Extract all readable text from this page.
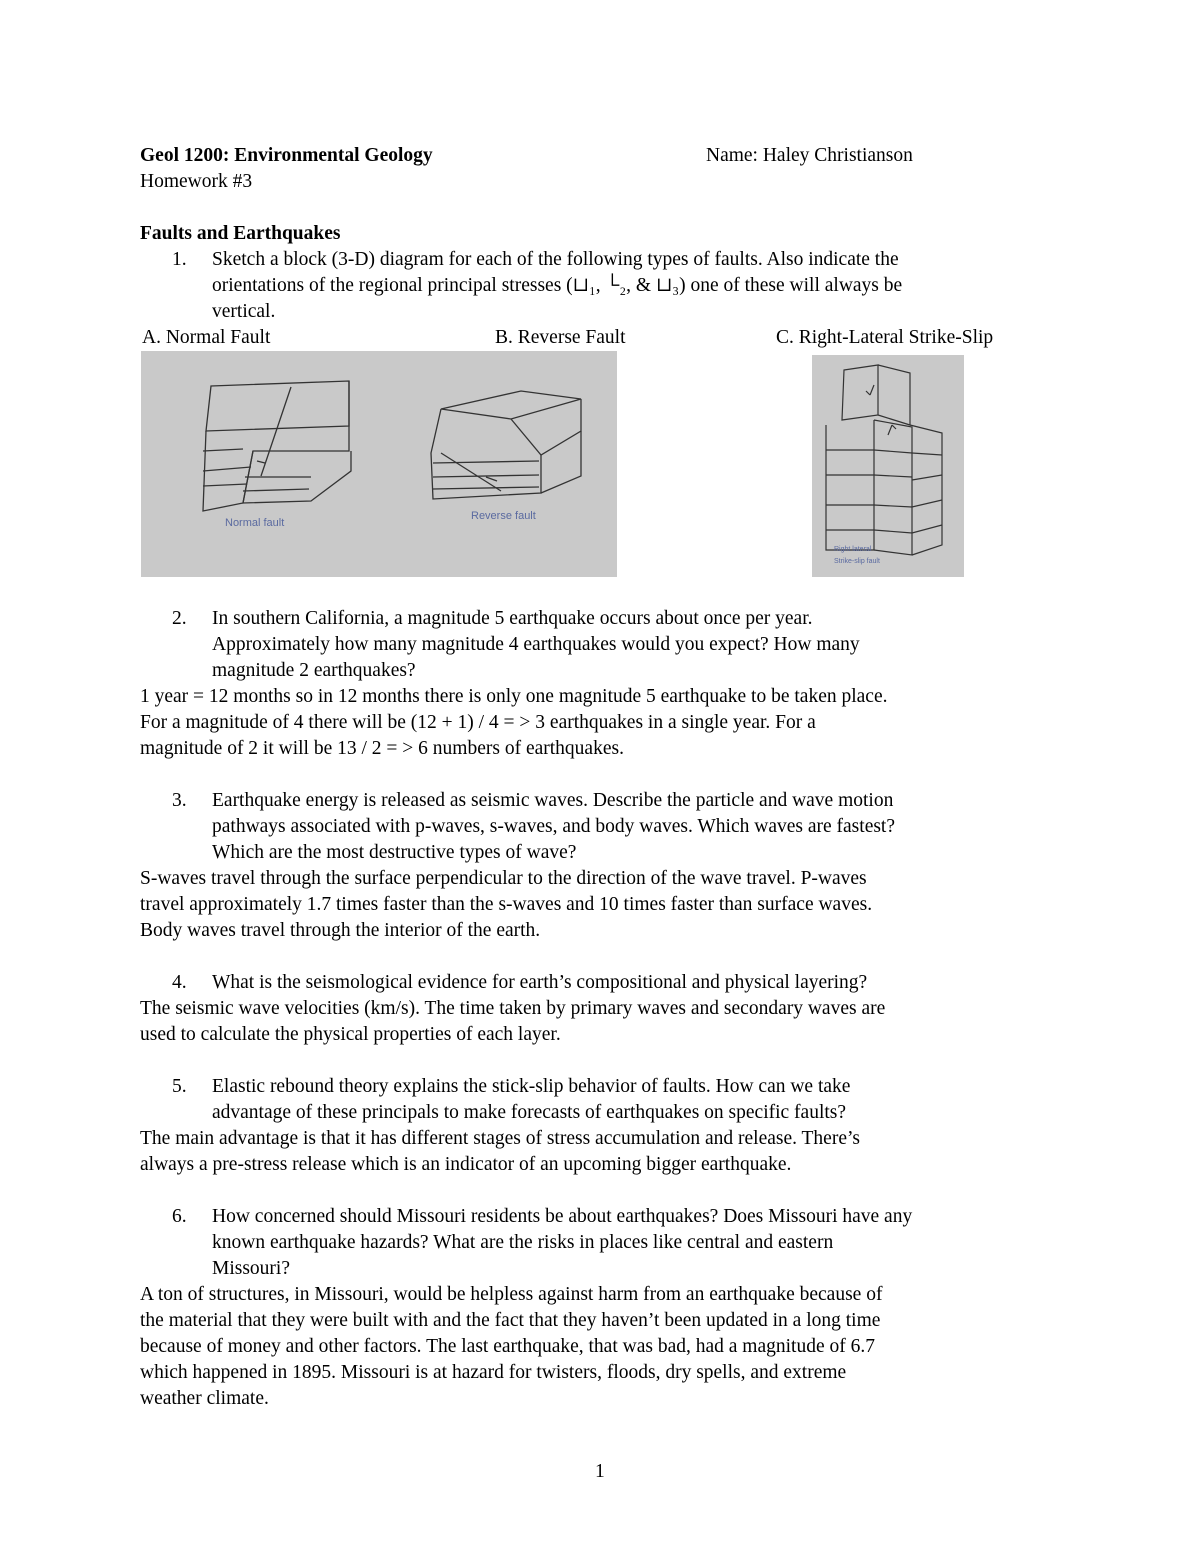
Geol 1200: Environmental Geology	Name: Haley Christianson
Homework #3
Faults and Earthquakes
1. Sketch a block (3-D) diagram for each of the following types of faults. Also indicate the
orientations of the regional principal stresses (⊔₁, └₂, & ⊔₃) one of these will always be
vertical.
A. Normal Fault	B. Reverse Fault	C. Right-Lateral Strike-Slip
Normal fault
Reverse fault
Right lateral
Strike-slip fault
2. In southern California, a magnitude 5 earthquake occurs about once per year.
Approximately how many magnitude 4 earthquakes would you expect? How many
magnitude 2 earthquakes?
1 year = 12 months so in 12 months there is only one magnitude 5 earthquake to be taken place.
For a magnitude of 4 there will be (12 + 1) / 4 = > 3 earthquakes in a single year. For a
magnitude of 2 it will be 13 / 2 = > 6 numbers of earthquakes.
3. Earthquake energy is released as seismic waves. Describe the particle and wave motion
pathways associated with p-waves, s-waves, and body waves. Which waves are fastest?
Which are the most destructive types of wave?
S-waves travel through the surface perpendicular to the direction of the wave travel. P-waves
travel approximately 1.7 times faster than the s-waves and 10 times faster than surface waves.
Body waves travel through the interior of the earth.
4. What is the seismological evidence for earth’s compositional and physical layering?
The seismic wave velocities (km/s). The time taken by primary waves and secondary waves are
used to calculate the physical properties of each layer.
5. Elastic rebound theory explains the stick-slip behavior of faults. How can we take
advantage of these principals to make forecasts of earthquakes on specific faults?
The main advantage is that it has different stages of stress accumulation and release. There’s
always a pre-stress release which is an indicator of an upcoming bigger earthquake.
6. How concerned should Missouri residents be about earthquakes? Does Missouri have any
known earthquake hazards? What are the risks in places like central and eastern
Missouri?
A ton of structures, in Missouri, would be helpless against harm from an earthquake because of
the material that they were built with and the fact that they haven’t been updated in a long time
because of money and other factors. The last earthquake, that was bad, had a magnitude of 6.7
which happened in 1895. Missouri is at hazard for twisters, floods, dry spells, and extreme
weather climate.
1
